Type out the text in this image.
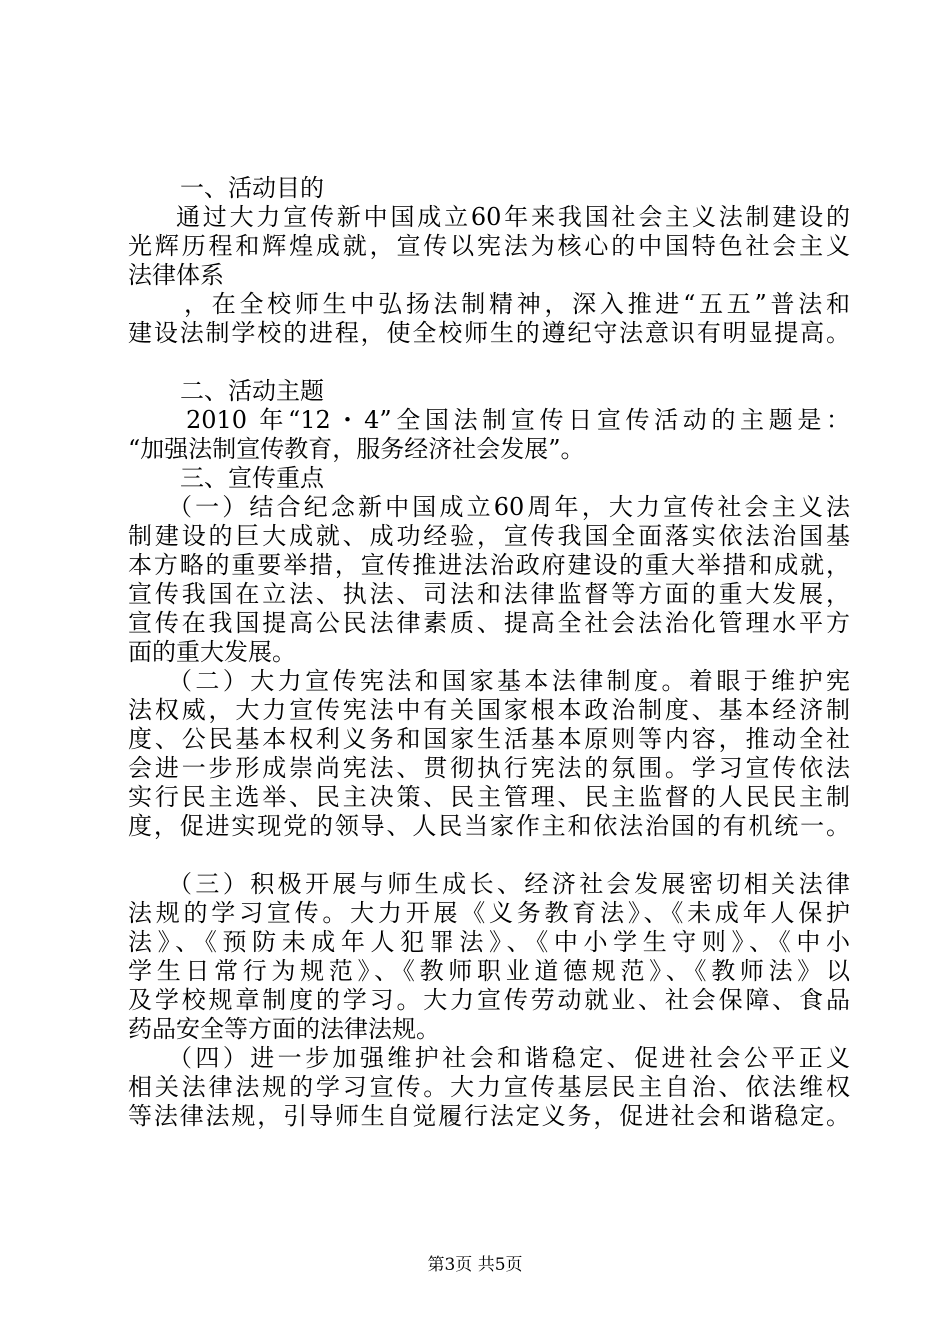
一、活动目的
通过大力宣传新中国成立60年来我国社会主义法制建设的
光辉历程和辉煌成就，宣传以宪法为核心的中国特色社会主义
法律体系
，在全校师生中弘扬法制精神，深入推进“五五”普法和
建设法制学校的进程，使全校师生的遵纪守法意识有明显提高。
二、活动主题
2010 年“12・4”全国法制宣传日宣传活动的主题是：
“加强法制宣传教育，服务经济社会发展”。
三、宣传重点
（一）结合纪念新中国成立60周年，大力宣传社会主义法
制建设的巨大成就、成功经验，宣传我国全面落实依法治国基
本方略的重要举措，宣传推进法治政府建设的重大举措和成就，
宣传我国在立法、执法、司法和法律监督等方面的重大发展，
宣传在我国提高公民法律素质、提高全社会法治化管理水平方
面的重大发展。
（二）大力宣传宪法和国家基本法律制度。着眼于维护宪
法权威，大力宣传宪法中有关国家根本政治制度、基本经济制
度、公民基本权利义务和国家生活基本原则等内容，推动全社
会进一步形成崇尚宪法、贯彻执行宪法的氛围。学习宣传依法
实行民主选举、民主决策、民主管理、民主监督的人民民主制
度，促进实现党的领导、人民当家作主和依法治国的有机统一。
（三）积极开展与师生成长、经济社会发展密切相关法律
法规的学习宣传。大力开展《义务教育法》、《未成年人保护
法》、《预防未成年人犯罪法》、《中小学生守则》、《中小
学生日常行为规范》、《教师职业道德规范》、《教师法》以
及学校规章制度的学习。大力宣传劳动就业、社会保障、食品
药品安全等方面的法律法规。
（四）进一步加强维护社会和谐稳定、促进社会公平正义
相关法律法规的学习宣传。大力宣传基层民主自治、依法维权
等法律法规，引导师生自觉履行法定义务，促进社会和谐稳定。
第3页 共5页
